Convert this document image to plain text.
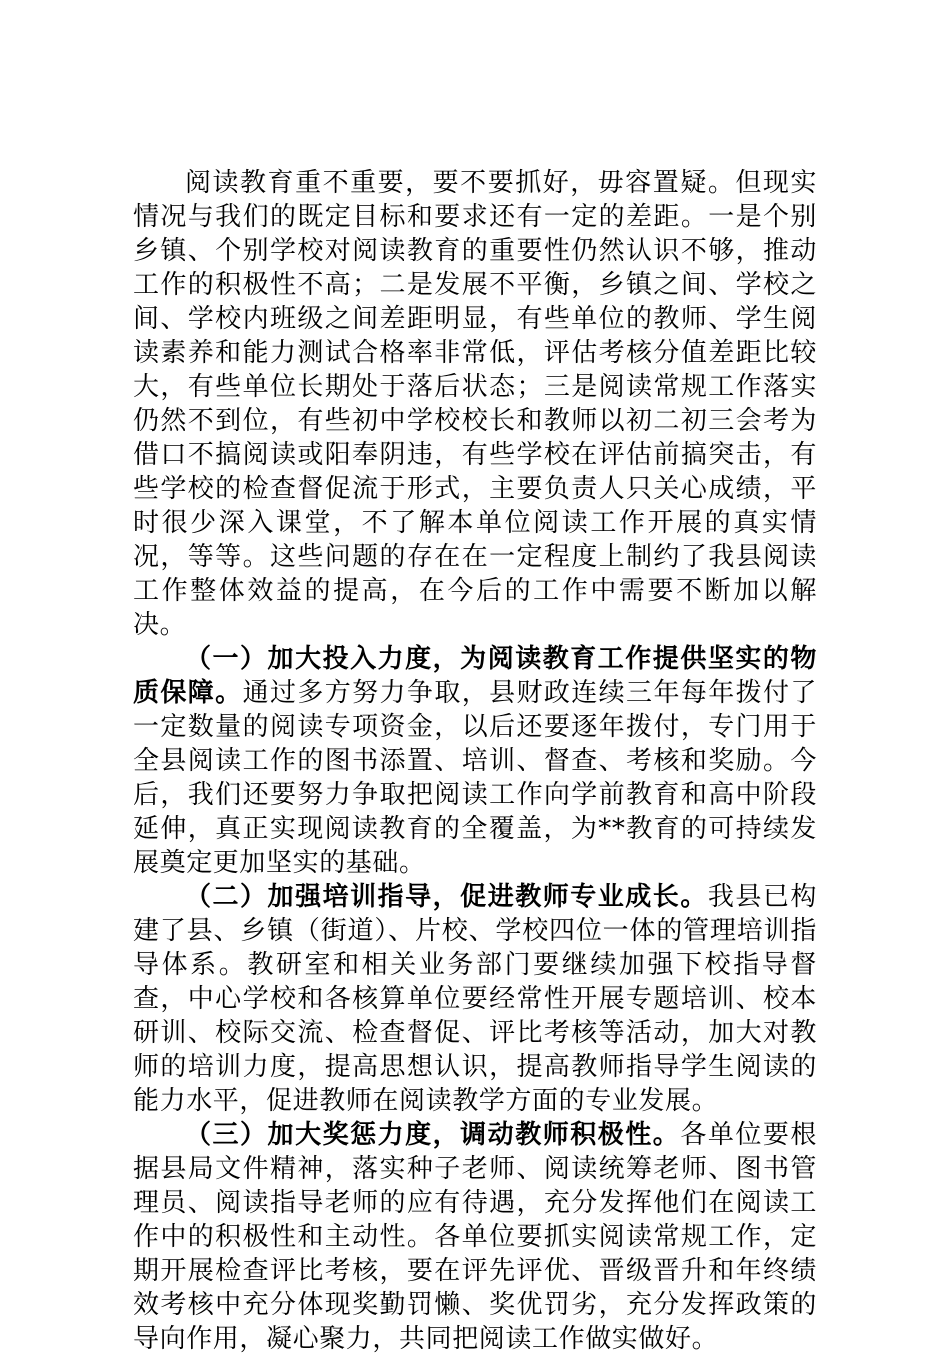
阅读教育重不重要，要不要抓好，毋容置疑。但现实情况与我们的既定目标和要求还有一定的差距。一是个别乡镇、个别学校对阅读教育的重要性仍然认识不够，推动工作的积极性不高；二是发展不平衡，乡镇之间、学校之间、学校内班级之间差距明显，有些单位的教师、学生阅读素养和能力测试合格率非常低，评估考核分值差距比较大，有些单位长期处于落后状态；三是阅读常规工作落实仍然不到位，有些初中学校校长和教师以初二初三会考为借口不搞阅读或阳奉阴违，有些学校在评估前搞突击，有些学校的检查督促流于形式，主要负责人只关心成绩，平时很少深入课堂，不了解本单位阅读工作开展的真实情况，等等。这些问题的存在在一定程度上制约了我县阅读工作整体效益的提高，在今后的工作中需要不断加以解决。

（一）加大投入力度，为阅读教育工作提供坚实的物质保障。通过多方努力争取，县财政连续三年每年拨付了一定数量的阅读专项资金，以后还要逐年拨付，专门用于全县阅读工作的图书添置、培训、督查、考核和奖励。今后，我们还要努力争取把阅读工作向学前教育和高中阶段延伸，真正实现阅读教育的全覆盖，为**教育的可持续发展奠定更加坚实的基础。

（二）加强培训指导，促进教师专业成长。我县已构建了县、乡镇（街道）、片校、学校四位一体的管理培训指导体系。教研室和相关业务部门要继续加强下校指导督查，中心学校和各核算单位要经常性开展专题培训、校本研训、校际交流、检查督促、评比考核等活动，加大对教师的培训力度，提高思想认识，提高教师指导学生阅读的能力水平，促进教师在阅读教学方面的专业发展。

（三）加大奖惩力度，调动教师积极性。各单位要根据县局文件精神，落实种子老师、阅读统筹老师、图书管理员、阅读指导老师的应有待遇，充分发挥他们在阅读工作中的积极性和主动性。各单位要抓实阅读常规工作，定期开展检查评比考核，要在评先评优、晋级晋升和年终绩效考核中充分体现奖勤罚懒、奖优罚劣，充分发挥政策的导向作用，凝心聚力，共同把阅读工作做实做好。
